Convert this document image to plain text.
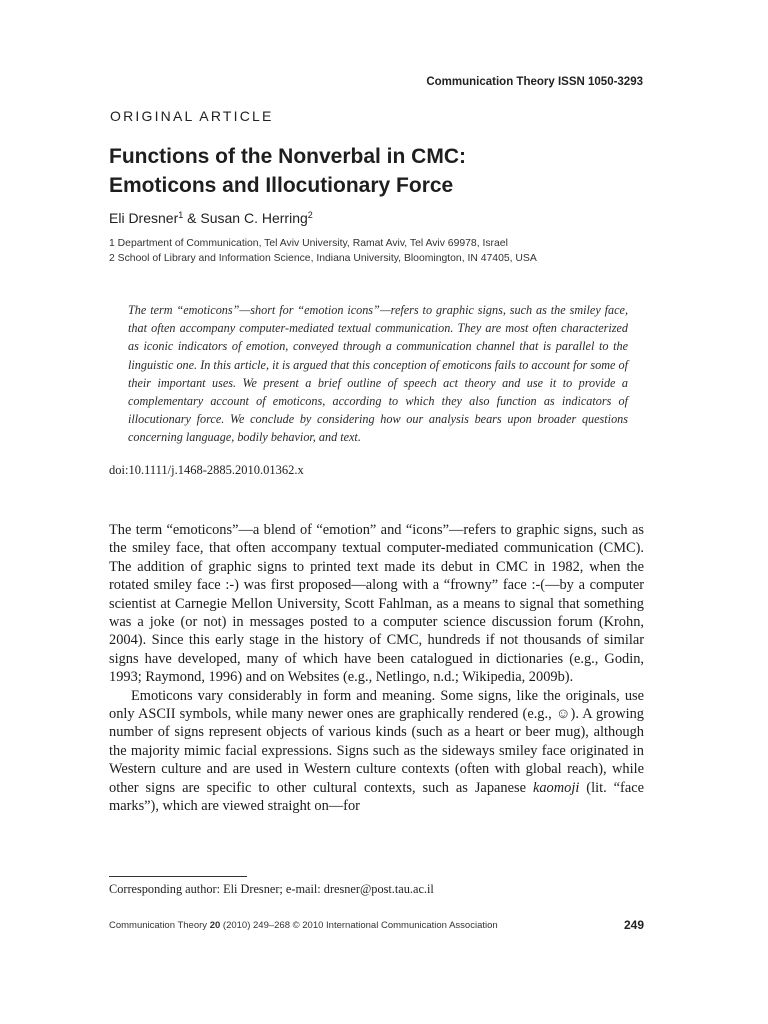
Communication Theory ISSN 1050-3293
ORIGINAL ARTICLE
Functions of the Nonverbal in CMC:
Emoticons and Illocutionary Force
Eli Dresner$^1$ & Susan C. Herring$^2$
1 Department of Communication, Tel Aviv University, Ramat Aviv, Tel Aviv 69978, Israel
2 School of Library and Information Science, Indiana University, Bloomington, IN 47405, USA

The term “emoticons”—short for “emotion icons”—refers to graphic signs, such as the smiley face, that often accompany computer-mediated textual communication. They are most often characterized as iconic indicators of emotion, conveyed through a communication channel that is parallel to the linguistic one. In this article, it is argued that this conception of emoticons fails to account for some of their important uses. We present a brief outline of speech act theory and use it to provide a complementary account of emoticons, according to which they also function as indicators of illocutionary force. We conclude by considering how our analysis bears upon broader questions concerning language, bodily behavior, and text.

doi:10.1111/j.1468-2885.2010.01362.x

The term “emoticons”—a blend of “emotion” and “icons”—refers to graphic signs, such as the smiley face, that often accompany textual computer-mediated communication (CMC). The addition of graphic signs to printed text made its debut in CMC in 1982, when the rotated smiley face :-) was first proposed—along with a “frowny” face :-(—by a computer scientist at Carnegie Mellon University, Scott Fahlman, as a means to signal that something was a joke (or not) in messages posted to a computer science discussion forum (Krohn, 2004). Since this early stage in the history of CMC, hundreds if not thousands of similar signs have developed, many of which have been catalogued in dictionaries (e.g., Godin, 1993; Raymond, 1996) and on Websites (e.g., Netlingo, n.d.; Wikipedia, 2009b).

Emoticons vary considerably in form and meaning. Some signs, like the originals, use only ASCII symbols, while many newer ones are graphically rendered (e.g., ☺). A growing number of signs represent objects of various kinds (such as a heart or beer mug), although the majority mimic facial expressions. Signs such as the sideways smiley face originated in Western culture and are used in Western culture contexts (often with global reach), while other signs are specific to other cultural contexts, such as Japanese kaomoji (lit. “face marks”), which are viewed straight on—for

Corresponding author: Eli Dresner; e-mail: dresner@post.tau.ac.il
Communication Theory 20 (2010) 249–268 © 2010 International Communication Association	249
